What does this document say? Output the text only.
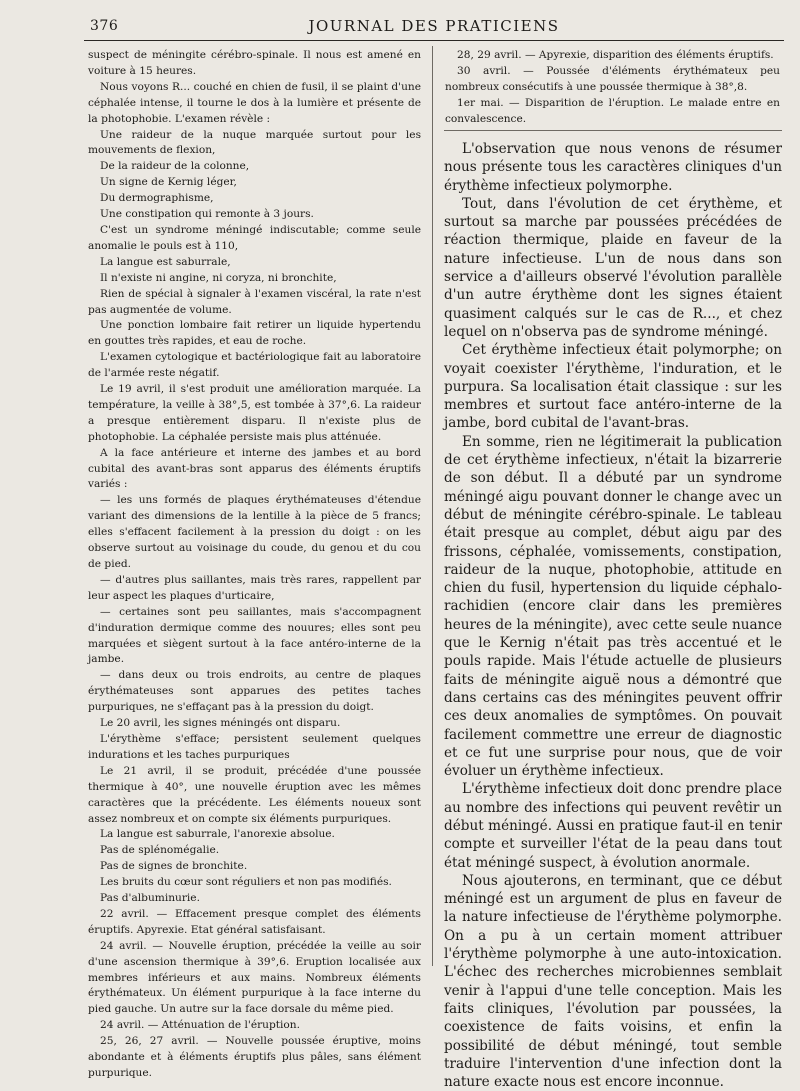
376	JOURNAL DES PRATICIENS

suspect de méningite cérébro-spinale. Il nous est amené en voiture à 15 heures.

Nous voyons R... couché en chien de fusil, il se plaint d'une céphalée intense, il tourne le dos à la lumière et présente de la photophobie. L'examen révèle :

Une raideur de la nuque marquée surtout pour les mouvements de flexion,

De la raideur de la colonne,

Un signe de Kernig léger,

Du dermographisme,

Une constipation qui remonte à 3 jours.

C'est un syndrome méningé indiscutable; comme seule anomalie le pouls est à 110,

La langue est saburrale,

Il n'existe ni angine, ni coryza, ni bronchite,

Rien de spécial à signaler à l'examen viscéral, la rate n'est pas augmentée de volume.

Une ponction lombaire fait retirer un liquide hypertendu en gouttes très rapides, et eau de roche.

L'examen cytologique et bactériologique fait au laboratoire de l'armée reste négatif.

Le 19 avril, il s'est produit une amélioration marquée. La température, la veille à 38°,5, est tombée à 37°,6. La raideur a presque entièrement disparu. Il n'existe plus de photophobie. La céphalée persiste mais plus atténuée.

A la face antérieure et interne des jambes et au bord cubital des avant-bras sont apparus des éléments éruptifs variés :

— les uns formés de plaques érythémateuses d'étendue variant des dimensions de la lentille à la pièce de 5 francs; elles s'effacent facilement à la pression du doigt : on les observe surtout au voisinage du coude, du genou et du cou de pied.

— d'autres plus saillantes, mais très rares, rappellent par leur aspect les plaques d'urticaire,

— certaines sont peu saillantes, mais s'accompagnent d'induration dermique comme des nouures; elles sont peu marquées et siègent surtout à la face antéro-interne de la jambe.

— dans deux ou trois endroits, au centre de plaques érythémateuses sont apparues des petites taches purpuriques, ne s'effaçant pas à la pression du doigt.

Le 20 avril, les signes méningés ont disparu.

L'érythème s'efface; persistent seulement quelques indurations et les taches purpuriques

Le 21 avril, il se produit, précédée d'une poussée thermique à 40°, une nouvelle éruption avec les mêmes caractères que la précédente. Les éléments noueux sont assez nombreux et on compte six éléments purpuriques.

La langue est saburrale, l'anorexie absolue.

Pas de splénomégalie.

Pas de signes de bronchite.

Les bruits du cœur sont réguliers et non pas modifiés.

Pas d'albuminurie.

22 avril. — Effacement presque complet des éléments éruptifs. Apyrexie. Etat général satisfaisant.

24 avril. — Nouvelle éruption, précédée la veille au soir d'une ascension thermique à 39°,6. Eruption localisée aux membres inférieurs et aux mains. Nombreux éléments érythémateux. Un élément purpurique à la face interne du pied gauche. Un autre sur la face dorsale du même pied.

24 avril. — Atténuation de l'éruption.

25, 26, 27 avril. — Nouvelle poussée éruptive, moins abondante et à éléments éruptifs plus pâles, sans élément purpurique.

28, 29 avril. — Apyrexie, disparition des éléments éruptifs.

30 avril. — Poussée d'éléments érythémateux peu nombreux consécutifs à une poussée thermique à 38°,8.

1er mai. — Disparition de l'éruption. Le malade entre en convalescence.

L'observation que nous venons de résumer nous présente tous les caractères cliniques d'un érythème infectieux polymorphe.

Tout, dans l'évolution de cet érythème, et surtout sa marche par poussées précédées de réaction thermique, plaide en faveur de la nature infectieuse. L'un de nous dans son service a d'ailleurs observé l'évolution parallèle d'un autre érythème dont les signes étaient quasiment calqués sur le cas de R..., et chez lequel on n'observa pas de syndrome méningé.

Cet érythème infectieux était polymorphe; on voyait coexister l'érythème, l'induration, et le purpura. Sa localisation était classique : sur les membres et surtout face antéro-interne de la jambe, bord cubital de l'avant-bras.

En somme, rien ne légitimerait la publication de cet érythème infectieux, n'était la bizarrerie de son début. Il a débuté par un syndrome méningé aigu pouvant donner le change avec un début de méningite cérébro-spinale. Le tableau était presque au complet, début aigu par des frissons, céphalée, vomissements, constipation, raideur de la nuque, photophobie, attitude en chien du fusil, hypertension du liquide céphalo-rachidien (encore clair dans les premières heures de la méningite), avec cette seule nuance que le Kernig n'était pas très accentué et le pouls rapide. Mais l'étude actuelle de plusieurs faits de méningite aiguë nous a démontré que dans certains cas des méningites peuvent offrir ces deux anomalies de symptômes. On pouvait facilement commettre une erreur de diagnostic et ce fut une surprise pour nous, que de voir évoluer un érythème infectieux.

L'érythème infectieux doit donc prendre place au nombre des infections qui peuvent revêtir un début méningé. Aussi en pratique faut-il en tenir compte et surveiller l'état de la peau dans tout état méningé suspect, à évolution anormale.

Nous ajouterons, en terminant, que ce début méningé est un argument de plus en faveur de la nature infectieuse de l'érythème polymorphe. On a pu à un certain moment attribuer l'érythème polymorphe à une auto-intoxication. L'échec des recherches microbiennes semblait venir à l'appui d'une telle conception. Mais les faits cliniques, l'évolution par poussées, la coexistence de faits voisins, et enfin la possibilité de début méningé, tout semble traduire l'intervention d'une infection dont la nature exacte nous est encore inconnue.
